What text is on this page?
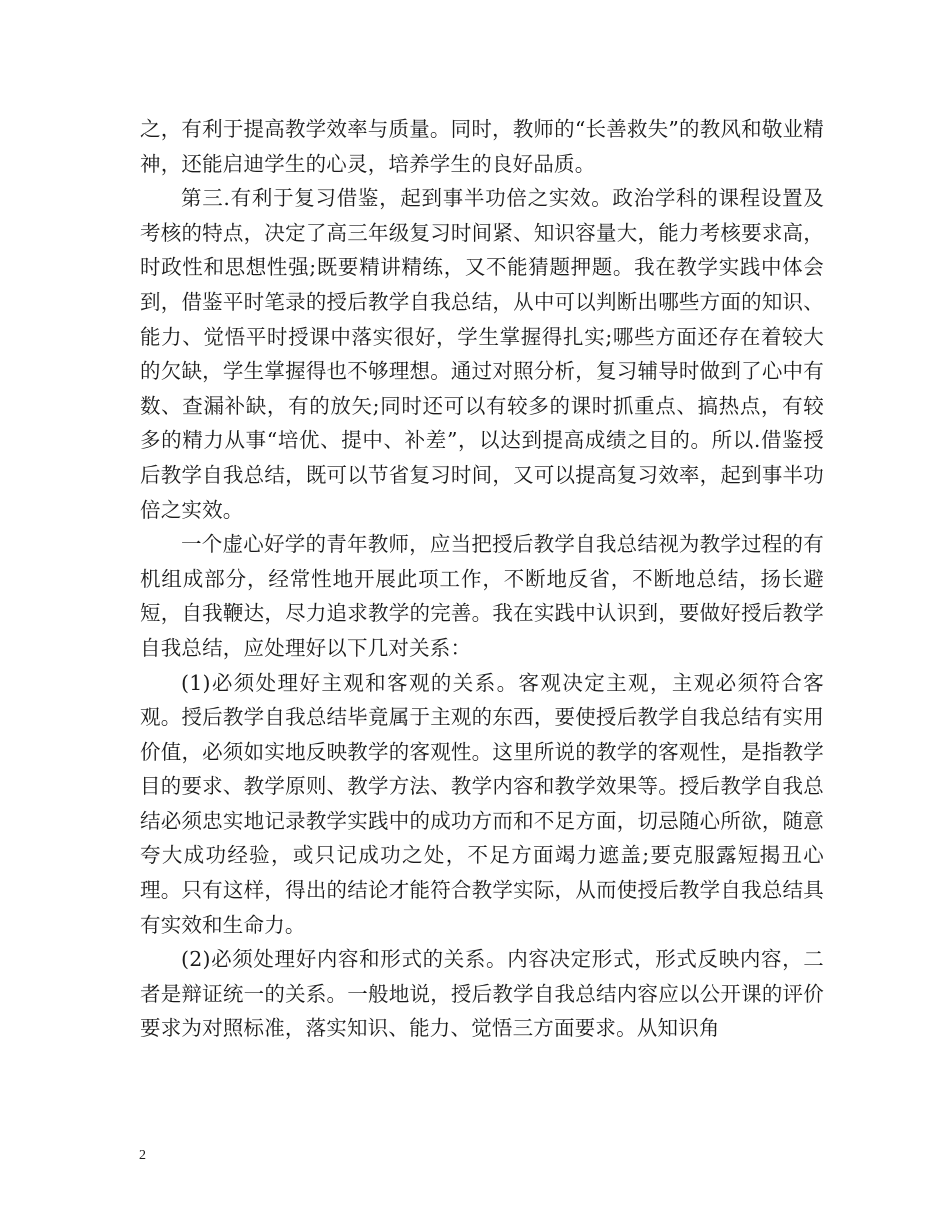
之，有利于提高教学效率与质量。同时，教师的“长善救失”的教风和敬业精神，还能启迪学生的心灵，培养学生的良好品质。

第三.有利于复习借鉴，起到事半功倍之实效。政治学科的课程设置及考核的特点，决定了高三年级复习时间紧、知识容量大，能力考核要求高，时政性和思想性强;既要精讲精练，又不能猜题押题。我在教学实践中体会到，借鉴平时笔录的授后教学自我总结，从中可以判断出哪些方面的知识、能力、觉悟平时授课中落实很好，学生掌握得扎实;哪些方面还存在着较大的欠缺，学生掌握得也不够理想。通过对照分析，复习辅导时做到了心中有数、查漏补缺，有的放矢;同时还可以有较多的课时抓重点、搞热点，有较多的精力从事“培优、提中、补差”，以达到提高成绩之目的。所以.借鉴授后教学自我总结，既可以节省复习时间，又可以提高复习效率，起到事半功倍之实效。

一个虚心好学的青年教师，应当把授后教学自我总结视为教学过程的有机组成部分，经常性地开展此项工作，不断地反省，不断地总结，扬长避短，自我鞭达，尽力追求教学的完善。我在实践中认识到，要做好授后教学自我总结，应处理好以下几对关系：

(1)必须处理好主观和客观的关系。客观决定主观，主观必须符合客观。授后教学自我总结毕竟属于主观的东西，要使授后教学自我总结有实用价值，必须如实地反映教学的客观性。这里所说的教学的客观性，是指教学目的要求、教学原则、教学方法、教学内容和教学效果等。授后教学自我总结必须忠实地记录教学实践中的成功方而和不足方面，切忌随心所欲，随意夸大成功经验，或只记成功之处，不足方面竭力遮盖;要克服露短揭丑心理。只有这样，得出的结论才能符合教学实际，从而使授后教学自我总结具有实效和生命力。

(2)必须处理好内容和形式的关系。内容决定形式，形式反映内容，二者是辩证统一的关系。一般地说，授后教学自我总结内容应以公开课的评价要求为对照标准，落实知识、能力、觉悟三方面要求。从知识角

2
